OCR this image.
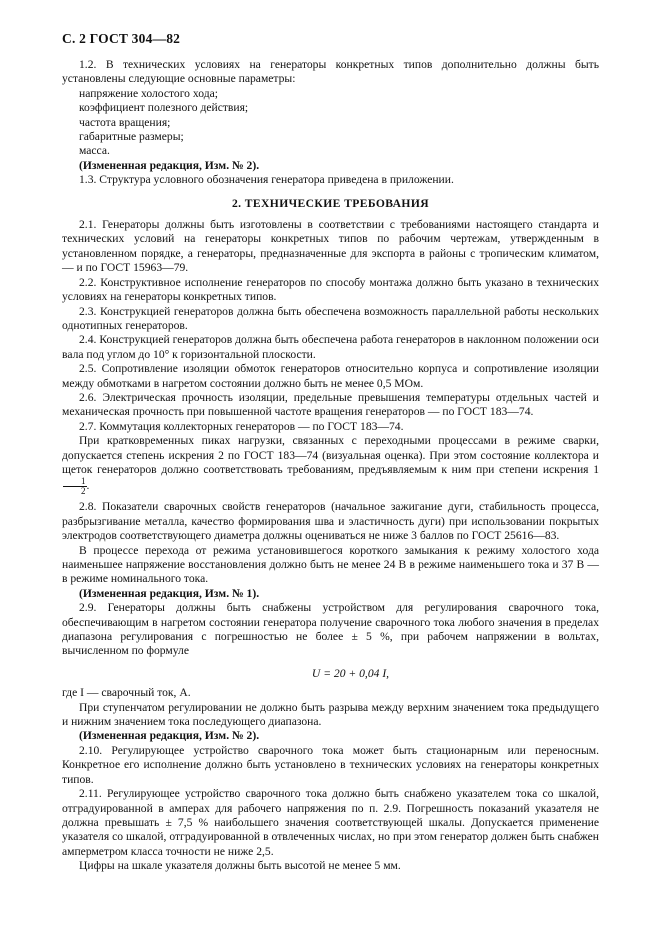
С. 2 ГОСТ 304—82

1.2. В технических условиях на генераторы конкретных типов дополнительно должны быть установлены следующие основные параметры:

напряжение холостого хода;
коэффициент полезного действия;
частота вращения;
габаритные размеры;
масса.

(Измененная редакция, Изм. № 2).

1.3. Структура условного обозначения генератора приведена в приложении.

2. ТЕХНИЧЕСКИЕ ТРЕБОВАНИЯ

2.1. Генераторы должны быть изготовлены в соответствии с требованиями настоящего стандарта и технических условий на генераторы конкретных типов по рабочим чертежам, утвержденным в установленном порядке, а генераторы, предназначенные для экспорта в районы с тропическим климатом, — и по ГОСТ 15963—79.

2.2. Конструктивное исполнение генераторов по способу монтажа должно быть указано в технических условиях на генераторы конкретных типов.

2.3. Конструкцией генераторов должна быть обеспечена возможность параллельной работы нескольких однотипных генераторов.

2.4. Конструкцией генераторов должна быть обеспечена работа генераторов в наклонном положении оси вала под углом до 10° к горизонтальной плоскости.

2.5. Сопротивление изоляции обмоток генераторов относительно корпуса и сопротивление изоляции между обмотками в нагретом состоянии должно быть не менее 0,5 МОм.

2.6. Электрическая прочность изоляции, предельные превышения температуры отдельных частей и механическая прочность при повышенной частоте вращения генераторов — по ГОСТ 183—74.

2.7. Коммутация коллекторных генераторов — по ГОСТ 183—74.

При кратковременных пиках нагрузки, связанных с переходными процессами в режиме сварки, допускается степень искрения 2 по ГОСТ 183—74 (визуальная оценка). При этом состояние коллектора и щеток генераторов должно соответствовать требованиям, предъявляемым к ним при степени искрения 1
$\frac{1}{2}$ .

2.8. Показатели сварочных свойств генераторов (начальное зажигание дуги, стабильность процесса, разбрызгивание металла, качество формирования шва и эластичность дуги) при использовании покрытых электродов соответствующего диаметра должны оцениваться не ниже 3 баллов по ГОСТ 25616—83.

В процессе перехода от режима установившегося короткого замыкания к режиму холостого хода наименьшее напряжение восстановления должно быть не менее 24 В в режиме наименьшего тока и 37 В — в режиме номинального тока.

(Измененная редакция, Изм. № 1).

2.9. Генераторы должны быть снабжены устройством для регулирования сварочного тока, обеспечивающим в нагретом состоянии генератора получение сварочного тока любого значения в пределах диапазона регулирования с погрешностью не более ± 5 %, при рабочем напряжении в вольтах, вычисленном по формуле

U = 20 + 0,04 I,

где I — сварочный ток, А.

При ступенчатом регулировании не должно быть разрыва между верхним значением тока предыдущего и нижним значением тока последующего диапазона.

(Измененная редакция, Изм. № 2).

2.10. Регулирующее устройство сварочного тока может быть стационарным или переносным. Конкретное его исполнение должно быть установлено в технических условиях на генераторы конкретных типов.

2.11. Регулирующее устройство сварочного тока должно быть снабжено указателем тока со шкалой, отградуированной в амперах для рабочего напряжения по п. 2.9. Погрешность показаний указателя не должна превышать ± 7,5 % наибольшего значения соответствующей шкалы. Допускается применение указателя со шкалой, отградуированной в отвлеченных числах, но при этом генератор должен быть снабжен амперметром класса точности не ниже 2,5.

Цифры на шкале указателя должны быть высотой не менее 5 мм.
